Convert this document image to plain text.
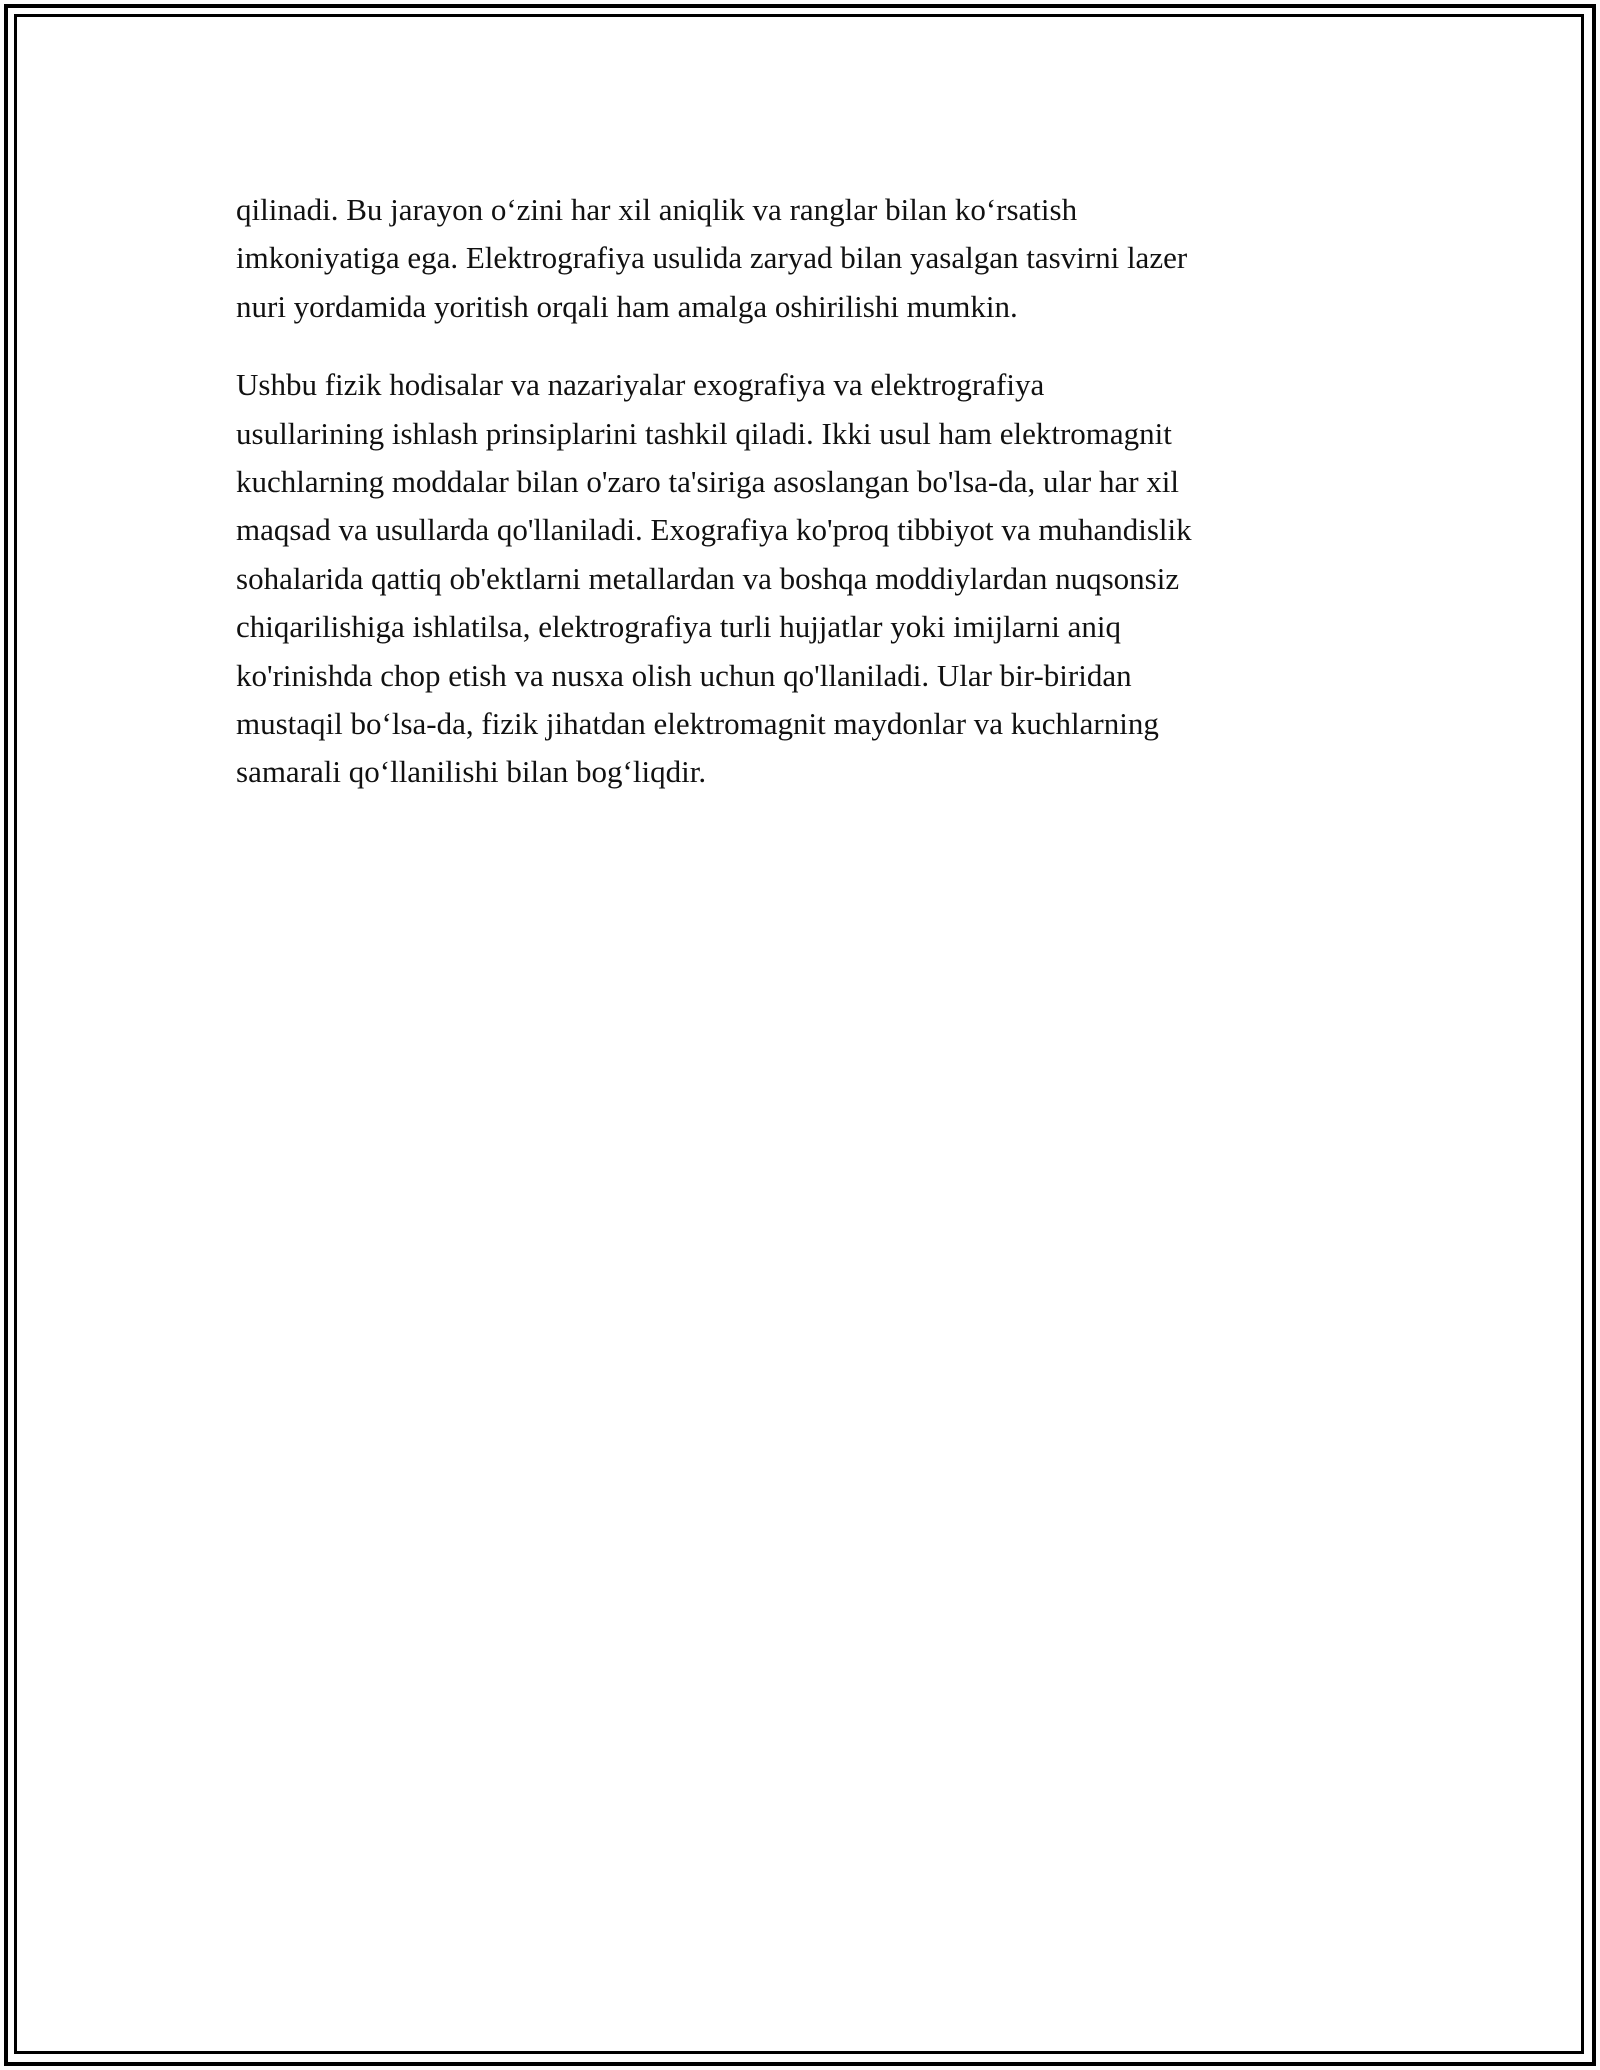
qilinadi. Bu jarayon o‘zini har xil aniqlik va ranglar bilan ko‘rsatish
imkoniyatiga ega. Elektrografiya usulida zaryad bilan yasalgan tasvirni lazer
nuri yordamida yoritish orqali ham amalga oshirilishi mumkin.

Ushbu fizik hodisalar va nazariyalar exografiya va elektrografiya
usullarining ishlash prinsiplarini tashkil qiladi. Ikki usul ham elektromagnit
kuchlarning moddalar bilan o'zaro ta'siriga asoslangan bo'lsa-da, ular har xil
maqsad va usullarda qo'llaniladi. Exografiya ko'proq tibbiyot va muhandislik
sohalarida qattiq ob'ektlarni metallardan va boshqa moddiylardan nuqsonsiz
chiqarilishiga ishlatilsa, elektrografiya turli hujjatlar yoki imijlarni aniq
ko'rinishda chop etish va nusxa olish uchun qo'llaniladi. Ular bir-biridan
mustaqil bo‘lsa-da, fizik jihatdan elektromagnit maydonlar va kuchlarning
samarali qo‘llanilishi bilan bog‘liqdir.
